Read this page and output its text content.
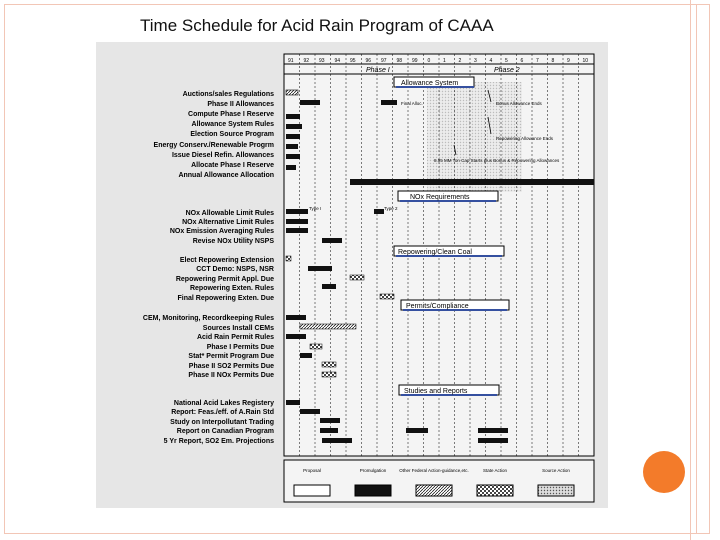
Time Schedule for Acid Rain Program of CAAA
91 92 93 94 95 96 97 98 99 0	1	2	3	4	5	6	7	8	9	10
Phase I	Phase 2
Allowance System
NOx Requirements
Repowering/Clean Coal
Permits/Compliance
Studies and Reports
Auctions/sales Regulations
Phase II Allowances
Compute Phase I Reserve
Allowance System Rules
Election Source Program
Energy Conserv./Renewable Progrm
Issue Diesel Refin. Allowances
Allocate Phase I Reserve
Annual Allowance Allocation
NOx Allowable Limit Rules
NOx Alternative Limit Rules
NOx Emission Averaging Rules
Revise NOx Utility NSPS
Elect Repowering Extension
CCT Demo: NSPS, NSR
Repowering Permit Appl. Due
Repowering Exten. Rules
Final Repowering Exten. Due
CEM, Monitoring, Recordkeeping Rules
Sources Install CEMs
Acid Rain Permit Rules
Phase I Permits Due
Stat* Permit Program Due
Phase II SO2 Permits Due
Phase II NOx Permits Due
National Acid Lakes Registery
Report: Feas./eff. of A.Rain Std
Study on Interpollutant Trading
Report on Canadian Program
5 Yr Report, SO2 Em. Projections
Final Alloc.	Bonus Allowance Ends
Repowering Allowance Ends
8.95 MM Ton Cap Starts plus Bonus & Repowering Allowances
Type I	Type 2
Proposal	Promulgation	Other Federal Action-guidance,etc.	State Action	Source Action
